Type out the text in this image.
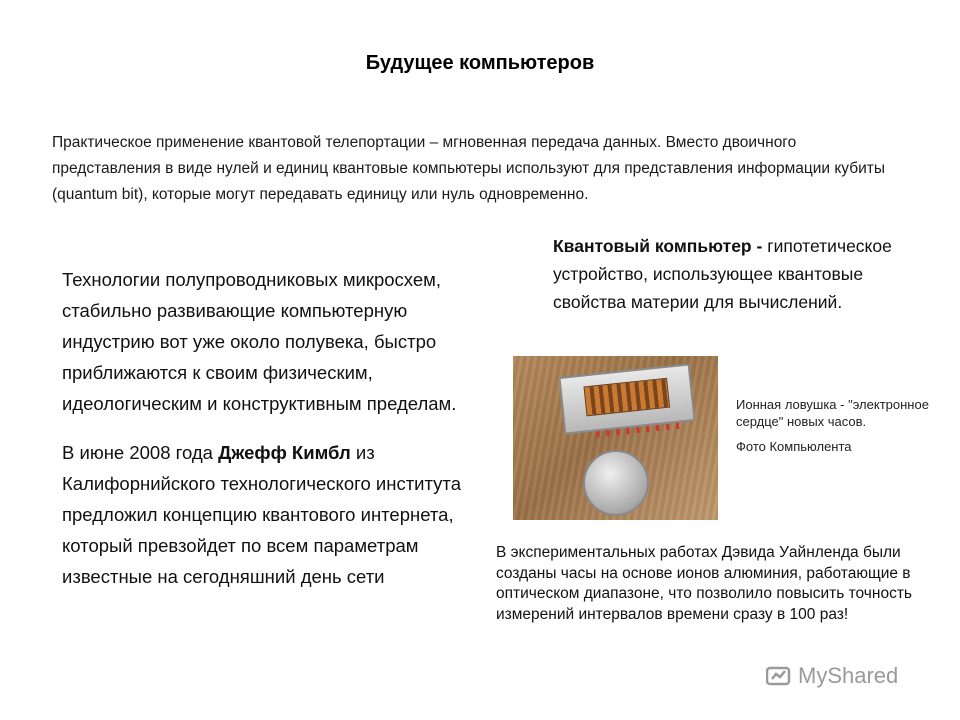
Будущее компьютеров
Практическое применение квантовой телепортации – мгновенная передача данных. Вместо двоичного представления в виде нулей и единиц квантовые компьютеры используют для представления информации кубиты (quantum bit), которые могут передавать единицу или нуль одновременно.

Технологии полупроводниковых микросхем, стабильно развивающие компьютерную индустрию вот уже около полувека, быстро приближаются к своим физическим, идеологическим и конструктивным пределам.

В июне 2008 года Джефф Кимбл из Калифорнийского технологического института предложил концепцию квантового интернета, который превзойдет по всем параметрам известные на сегодняшний день сети

Квантовый компьютер - гипотетическое устройство, использующее квантовые свойства материи для вычислений.
Ионная ловушка - "электронное сердце" новых часов.
Фото Компьюлента
В экспериментальных работах Дэвида Уайнленда были созданы часы на основе ионов алюминия, работающие в оптическом диапазоне, что позволило повысить точность измерений интервалов времени сразу в 100 раз!
MyShared
